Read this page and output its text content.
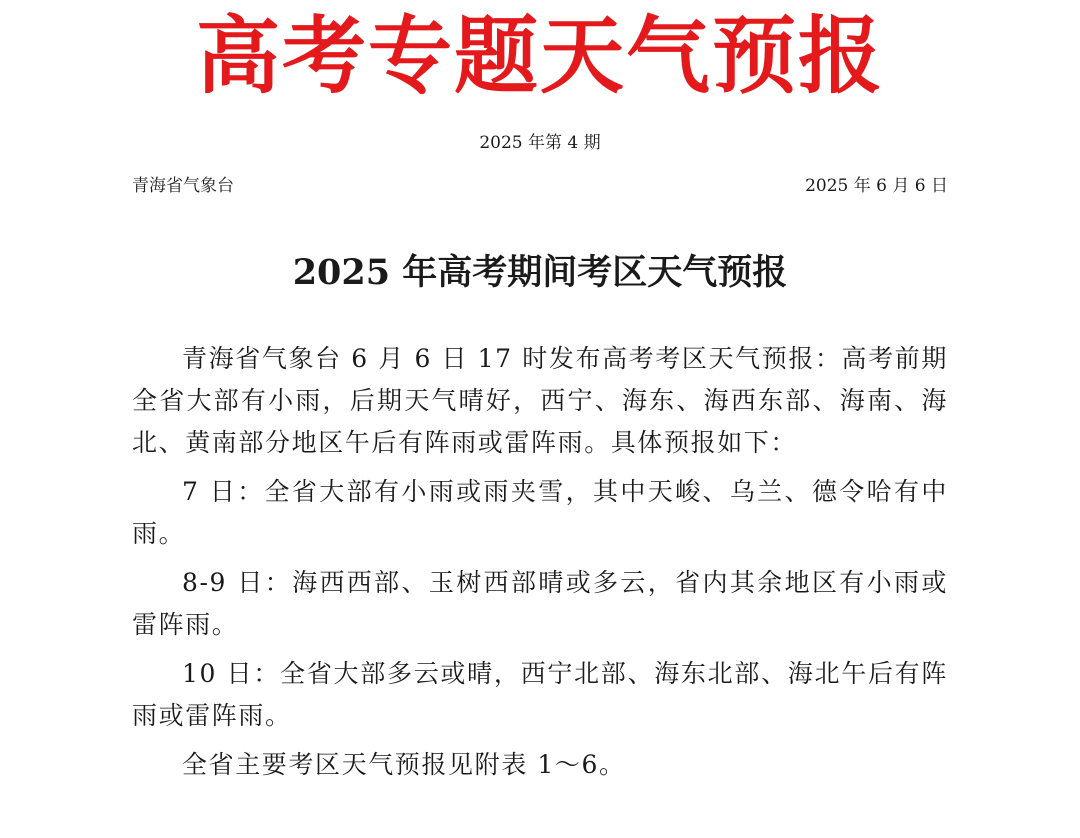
高考专题天气预报
2025 年第 4 期
青海省气象台	2025 年 6 月 6 日
2025 年高考期间考区天气预报

青海省气象台 6 月 6 日 17 时发布高考考区天气预报：高考前期全省大部有小雨，后期天气晴好，西宁、海东、海西东部、海南、海北、黄南部分地区午后有阵雨或雷阵雨。具体预报如下：

7 日：全省大部有小雨或雨夹雪，其中天峻、乌兰、德令哈有中雨。

8-9 日：海西西部、玉树西部晴或多云，省内其余地区有小雨或雷阵雨。

10 日：全省大部多云或晴，西宁北部、海东北部、海北午后有阵雨或雷阵雨。

全省主要考区天气预报见附表 1～6。
